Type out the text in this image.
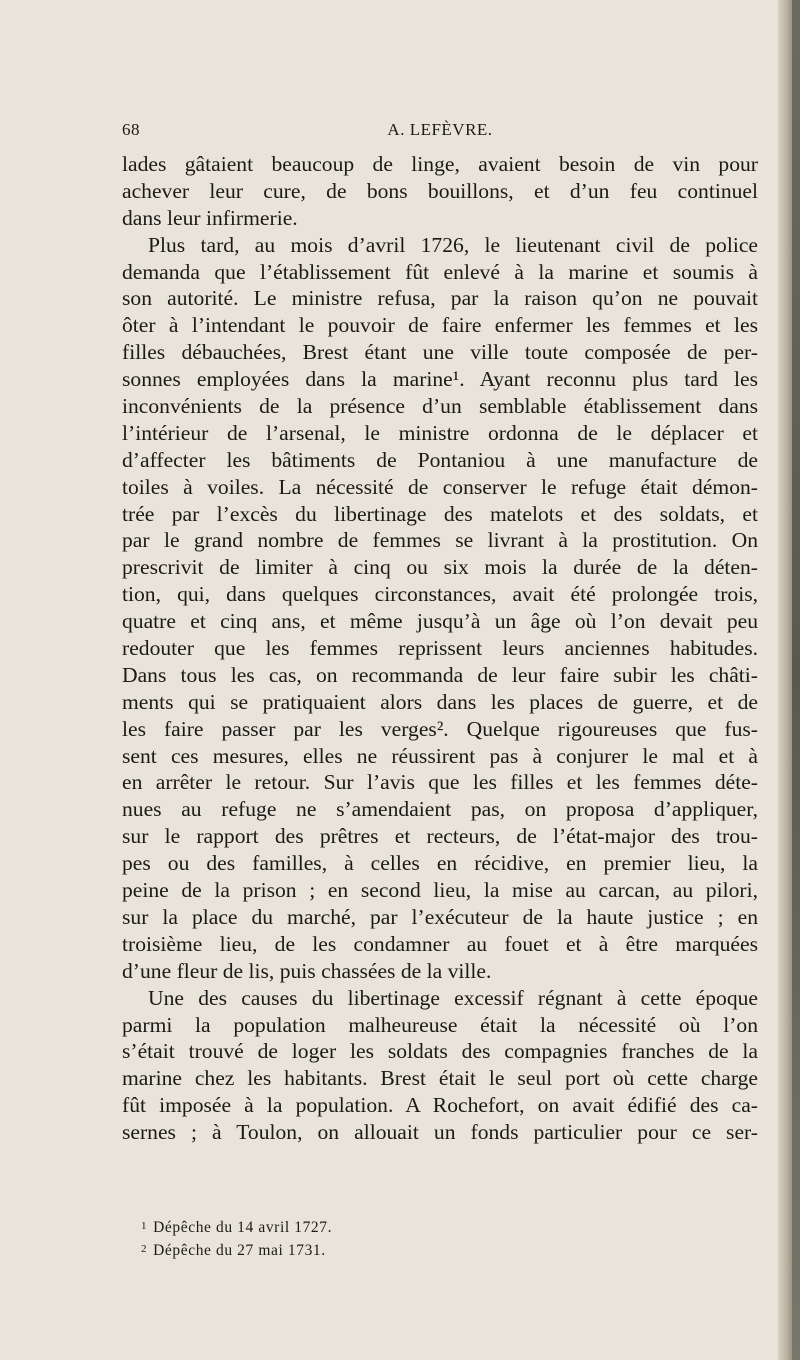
68	A. LEFÈVRE.
lades gâtaient beaucoup de linge, avaient besoin de vin pour
achever leur cure, de bons bouillons, et d’un feu continuel
dans leur infirmerie.
Plus tard, au mois d’avril 1726, le lieutenant civil de police
demanda que l’établissement fût enlevé à la marine et soumis à
son autorité. Le ministre refusa, par la raison qu’on ne pouvait
ôter à l’intendant le pouvoir de faire enfermer les femmes et les
filles débauchées, Brest étant une ville toute composée de per-
sonnes employées dans la marine¹. Ayant reconnu plus tard les
inconvénients de la présence d’un semblable établissement dans
l’intérieur de l’arsenal, le ministre ordonna de le déplacer et
d’affecter les bâtiments de Pontaniou à une manufacture de
toiles à voiles. La nécessité de conserver le refuge était démon-
trée par l’excès du libertinage des matelots et des soldats, et
par le grand nombre de femmes se livrant à la prostitution. On
prescrivit de limiter à cinq ou six mois la durée de la déten-
tion, qui, dans quelques circonstances, avait été prolongée trois,
quatre et cinq ans, et même jusqu’à un âge où l’on devait peu
redouter que les femmes reprissent leurs anciennes habitudes.
Dans tous les cas, on recommanda de leur faire subir les châti-
ments qui se pratiquaient alors dans les places de guerre, et de
les faire passer par les verges². Quelque rigoureuses que fus-
sent ces mesures, elles ne réussirent pas à conjurer le mal et à
en arrêter le retour. Sur l’avis que les filles et les femmes déte-
nues au refuge ne s’amendaient pas, on proposa d’appliquer,
sur le rapport des prêtres et recteurs, de l’état-major des trou-
pes ou des familles, à celles en récidive, en premier lieu, la
peine de la prison ; en second lieu, la mise au carcan, au pilori,
sur la place du marché, par l’exécuteur de la haute justice ; en
troisième lieu, de les condamner au fouet et à être marquées
d’une fleur de lis, puis chassées de la ville.
Une des causes du libertinage excessif régnant à cette époque
parmi la population malheureuse était la nécessité où l’on
s’était trouvé de loger les soldats des compagnies franches de la
marine chez les habitants. Brest était le seul port où cette charge
fût imposée à la population. A Rochefort, on avait édifié des ca-
sernes ; à Toulon, on allouait un fonds particulier pour ce ser-
$^1$ Dépêche du 14 avril 1727.
$^2$ Dépêche du 27 mai 1731.
